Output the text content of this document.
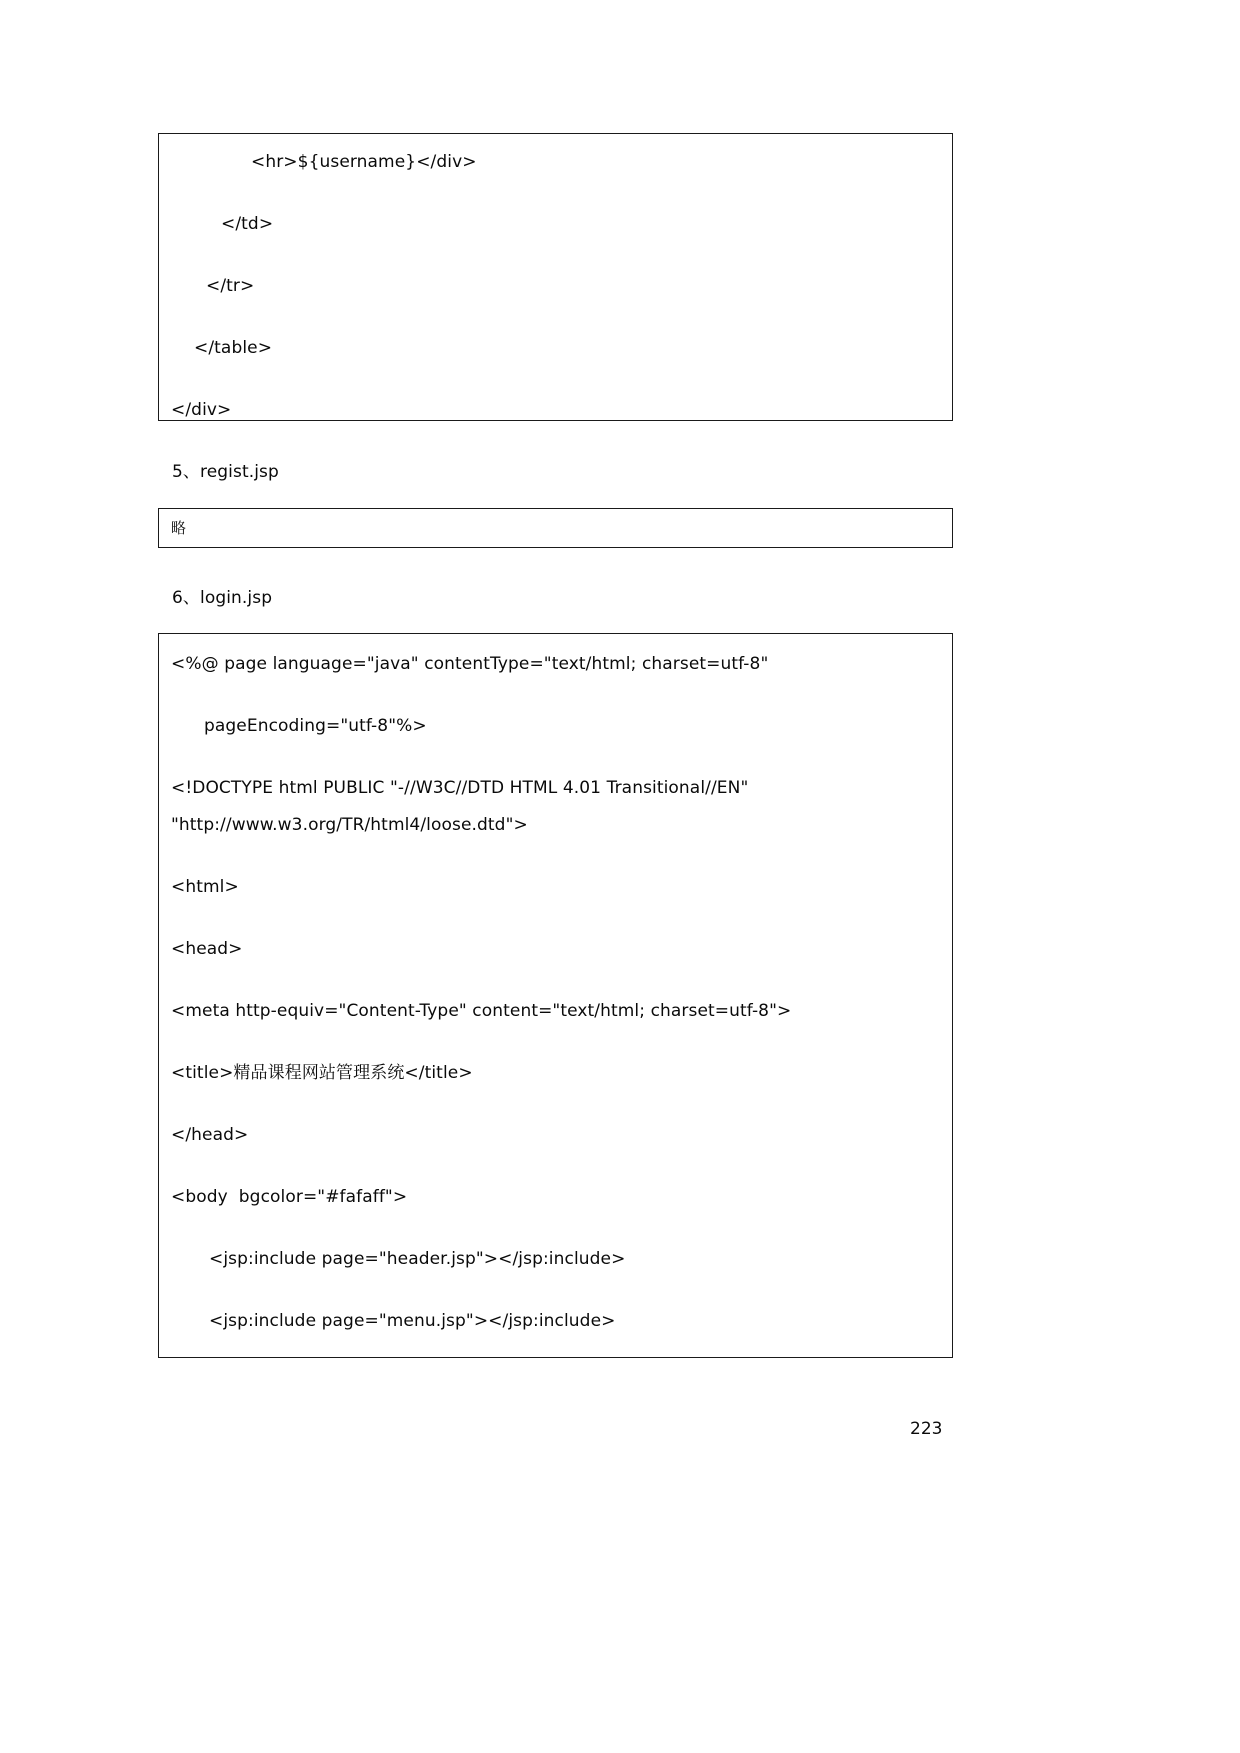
<hr>${username}</div>
</td>
</tr>
</table>
</div>
5、regist.jsp
略
6、login.jsp
<%@ page language="java" contentType="text/html; charset=utf-8"
pageEncoding="utf-8"%>
<!DOCTYPE html PUBLIC "-//W3C//DTD HTML 4.01 Transitional//EN"
"http://www.w3.org/TR/html4/loose.dtd">
<html>
<head>
<meta http-equiv="Content-Type" content="text/html; charset=utf-8">
<title>精品课程网站管理系统</title>
</head>
<body  bgcolor="#fafaff">
<jsp:include page="header.jsp"></jsp:include>
<jsp:include page="menu.jsp"></jsp:include>
223
